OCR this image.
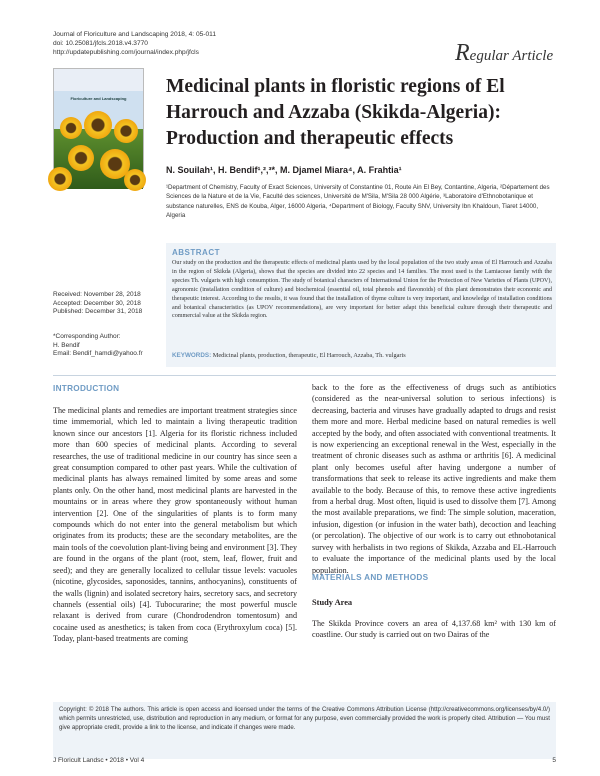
Journal of Floriculture and Landscaping 2018, 4: 05-011
doi: 10.25081/jfcls.2018.v4.3770
http://updatepublishing.com/journal/index.php/jfcls	Regular Article
Floriculture and Landscaping
Medicinal plants in floristic regions of El Harrouch and Azzaba (Skikda-Algeria): Production and therapeutic effects
N. Souilah¹, H. Bendif¹,²,³*, M. Djamel Miara⁴, A. Frahtia¹
¹Department of Chemistry, Faculty of Exact Sciences, University of Constantine 01, Route Ain El Bey, Contantine, Algeria, ²Département des Sciences de la Nature et de la Vie, Faculté des sciences, Université de M'Sila, M'Sila 28 000 Algérie, ³Laboratoire d'Ethnobotanique et substance naturelles, ENS de Kouba, Alger, 16000 Algeria, ⁴Department of Biology, Faculty SNV, University Ibn Khaldoun, Tiaret 14000, Algeria
ABSTRACT
Our study on the production and the therapeutic effects of medicinal plants used by the local population of the two study areas of El Harrouch and Azzaba in the region of Skikda (Algeria), shows that the species are divided into 22 species and 14 families. The most used is the Lamiaceae family with the species Th. vulgaris with high consumption. The study of botanical characters of International Union for the Protection of New Varieties of Plants (UPOV), agronomic (installation condition of culture) and biochemical (essential oil, total phenols and flavonoids) of this plant demonstrates their economic and therapeutic interest. According to the results, it was found that the installation of thyme culture is very important, and knowledge of installation conditions and botanical characteristics (as UPOV recommendations), are very important for better adapt this beneficial culture through their therapeutic and commercial value at the Skikda region.
KEYWORDS: Medicinal plants, production, therapeutic, El Harrouch, Azzaba, Th. vulgaris
Received: November 28, 2018
Accepted: December 30, 2018
Published: December 31, 2018
*Corresponding Author:
H. Bendif
Email: Bendif_hamdi@yahoo.fr
INTRODUCTION
The medicinal plants and remedies are important treatment strategies since time immemorial, which led to maintain a living therapeutic tradition known since our ancestors [1]. Algeria for its floristic richness included more than 600 species of medicinal plants. According to several researches, the use of traditional medicine in our country has since seen a great consumption compared to other past years. While the cultivation of medicinal plants has always remained limited by some areas and some plants only. On the other hand, most medicinal plants are harvested in the mountains or in areas where they grow spontaneously without human intervention [2]. One of the singularities of plants is to form many compounds which do not enter into the general metabolism but which originates from its products; these are the secondary metabolites, are the main tools of the coevolution plant-living being and environment [3]. They are found in the organs of the plant (root, stem, leaf, flower, fruit and seed); and they are generally localized to cellular tissue levels: vacuoles (nicotine, glycosides, saponosides, tannins, anthocyanins), constituents of the walls (lignin) and isolated secretory hairs, secretory sacs, and secretory channels (essential oils) [4]. Tubocurarine; the most powerful muscle relaxant is derived from curare (Chondrodendron tomentosum) and cocaine used as anesthetics; is taken from coca (Erythroxylum coca) [5]. Today, plant-based treatments are coming
back to the fore as the effectiveness of drugs such as antibiotics (considered as the near-universal solution to serious infections) is decreasing, bacteria and viruses have gradually adapted to drugs and resist them more and more. Herbal medicine based on natural remedies is well accepted by the body, and often associated with conventional treatments. It is now experiencing an exceptional renewal in the West, especially in the treatment of chronic diseases such as asthma or arthritis [6]. A medicinal plant only becomes useful after having undergone a number of transformations that seek to release its active ingredients and make them available to the body. Because of this, to remove these active ingredients from a herbal drug. Most often, liquid is used to dissolve them [7]. Among the most available preparations, we find: The simple solution, maceration, infusion, digestion (or infusion in the water bath), decoction and leaching (or percolation). The objective of our work is to carry out ethnobotanical survey with herbalists in two regions of Skikda, Azzaba and EL-Harrouch to evaluate the importance of the medicinal plants used by the local population.
MATERIALS AND METHODS
Study Area
The Skikda Province covers an area of 4,137.68 km² with 130 km of coastline. Our study is carried out on two Dairas of the
Copyright: © 2018 The authors. This article is open access and licensed under the terms of the Creative Commons Attribution License (http://creativecommons.org/licenses/by/4.0/) which permits unrestricted, use, distribution and reproduction in any medium, or format for any purpose, even commercially provided the work is properly cited. Attribution — You must give appropriate credit, provide a link to the license, and indicate if changes were made.
J Floricult Landsc • 2018 • Vol 4	5
